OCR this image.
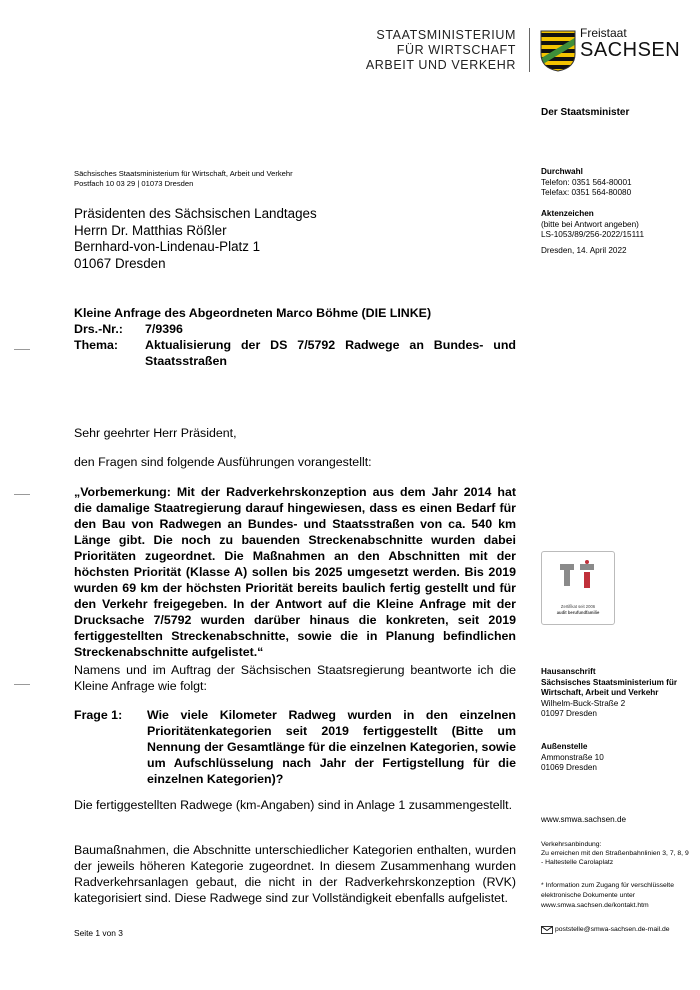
STAATSMINISTERIUM
FÜR WIRTSCHAFT
ARBEIT UND VERKEHR
Freistaat
SACHSEN
Der Staatsminister
Sächsisches Staatsministerium für Wirtschaft, Arbeit und Verkehr
Postfach 10 03 29 | 01073 Dresden
Präsidenten des Sächsischen Landtages
Herrn Dr. Matthias Rößler
Bernhard-von-Lindenau-Platz 1
01067 Dresden
Durchwahl
Telefon: 0351 564-80001
Telefax: 0351 564-80080
Aktenzeichen
(bitte bei Antwort angeben)
LS-1053/89/256-2022/15111
Dresden, 14. April 2022
Kleine Anfrage des Abgeordneten Marco Böhme (DIE LINKE)
Drs.-Nr.:	7/9396
Thema:	Aktualisierung der DS 7/5792 Radwege an Bundes- und Staatsstraßen
Sehr geehrter Herr Präsident,
den Fragen sind folgende Ausführungen vorangestellt:
„Vorbemerkung: Mit der Radverkehrskonzeption aus dem Jahr 2014 hat die damalige Staatregierung darauf hingewiesen, dass es einen Bedarf für den Bau von Radwegen an Bundes- und Staatsstraßen von ca. 540 km Länge gibt. Die noch zu bauenden Streckenabschnitte wurden dabei Prioritäten zugeordnet. Die Maßnahmen an den Abschnitten mit der höchsten Priorität (Klasse A) sollen bis 2025 umgesetzt werden. Bis 2019 wurden 69 km der höchsten Priorität bereits baulich fertig gestellt und für den Verkehr freigegeben. In der Antwort auf die Kleine Anfrage mit der Drucksache 7/5792 wurden darüber hinaus die konkreten, seit 2019 fertiggestellten Streckenabschnitte, sowie die in Planung befindlichen Streckenabschnitte aufgelistet.“
Namens und im Auftrag der Sächsischen Staatsregierung beantworte ich die Kleine Anfrage wie folgt:
Frage 1:	Wie viele Kilometer Radweg wurden in den einzelnen Prioritätenkategorien seit 2019 fertiggestellt (Bitte um Nennung der Gesamtlänge für die einzelnen Kategorien, sowie um Aufschlüsselung nach Jahr der Fertigstellung für die einzelnen Kategorien)?
Die fertiggestellten Radwege (km-Angaben) sind in Anlage 1 zusammengestellt.
Baumaßnahmen, die Abschnitte unterschiedlicher Kategorien enthalten, wurden der jeweils höheren Kategorie zugeordnet. In diesem Zusammenhang wurden Radverkehrsanlagen gebaut, die nicht in der Radverkehrskonzeption (RVK) kategorisiert sind. Diese Radwege sind zur Vollständigkeit ebenfalls aufgelistet.
Seite 1 von 3
Zertifikat seit 2006
audit berufundfamilie
Hausanschrift
Sächsisches Staatsministerium für Wirtschaft, Arbeit und Verkehr
Wilhelm-Buck-Straße 2
01097 Dresden
Außenstelle
Ammonstraße 10
01069 Dresden
www.smwa.sachsen.de
Verkehrsanbindung:
Zu erreichen mit den Straßenbahnlinien 3, 7, 8, 9 - Haltestelle Carolaplatz
* Information zum Zugang für verschlüsselte elektronische Dokumente unter www.smwa.sachsen.de/kontakt.htm
poststelle@smwa-sachsen.de-mail.de
